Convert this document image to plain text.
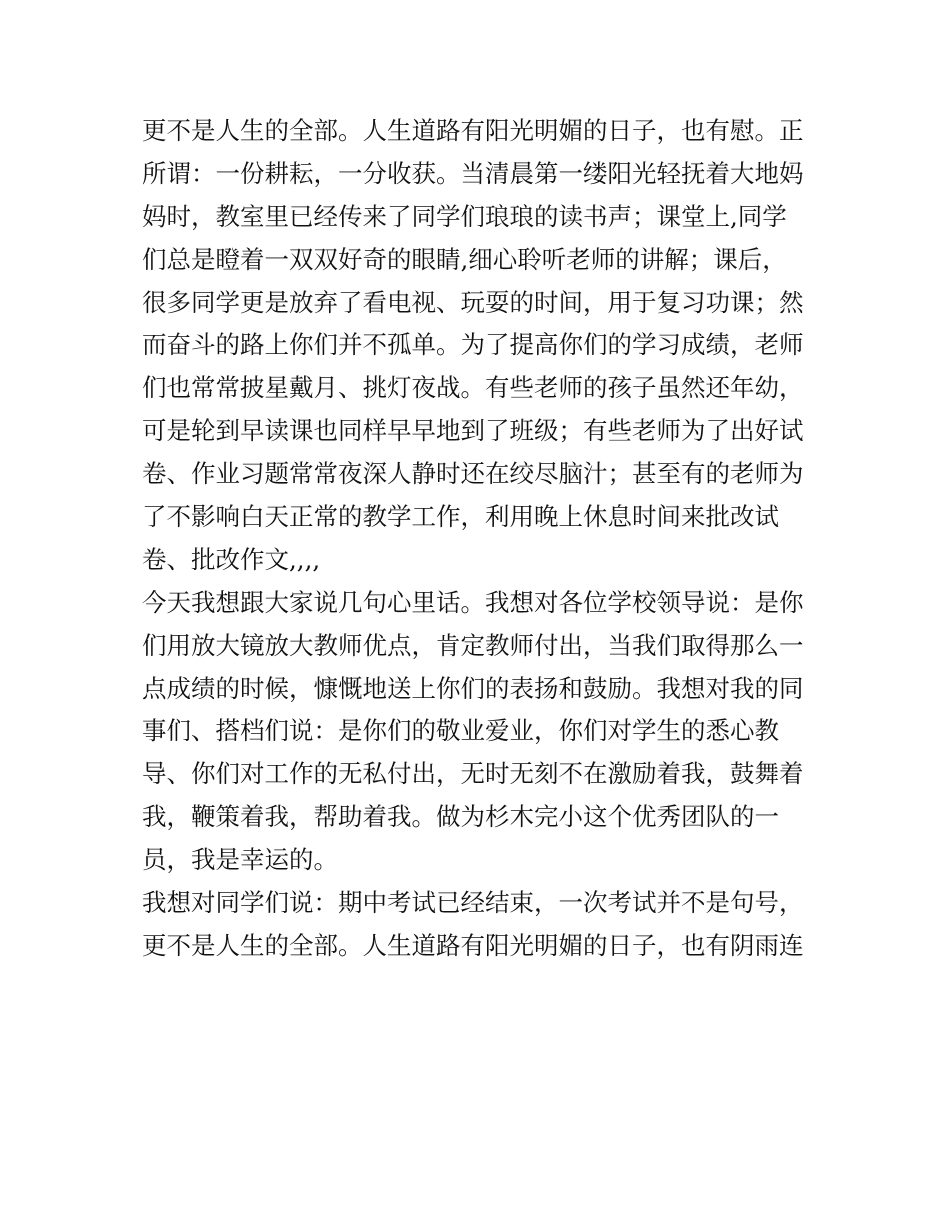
更不是人生的全部。人生道路有阳光明媚的日子，也有慰。正
所谓：一份耕耘，一分收获。当清晨第一缕阳光轻抚着大地妈
妈时，教室里已经传来了同学们琅琅的读书声；课堂上,同学
们总是瞪着一双双好奇的眼睛,细心聆听老师的讲解；课后，
很多同学更是放弃了看电视、玩耍的时间，用于复习功课；然
而奋斗的路上你们并不孤单。为了提高你们的学习成绩，老师
们也常常披星戴月、挑灯夜战。有些老师的孩子虽然还年幼，
可是轮到早读课也同样早早地到了班级；有些老师为了出好试
卷、作业习题常常夜深人静时还在绞尽脑汁；甚至有的老师为
了不影响白天正常的教学工作，利用晚上休息时间来批改试
卷、批改作文,,,,
今天我想跟大家说几句心里话。我想对各位学校领导说：是你
们用放大镜放大教师优点，肯定教师付出，当我们取得那么一
点成绩的时候，慷慨地送上你们的表扬和鼓励。我想对我的同
事们、搭档们说：是你们的敬业爱业，你们对学生的悉心教
导、你们对工作的无私付出，无时无刻不在激励着我，鼓舞着
我，鞭策着我，帮助着我。做为杉木完小这个优秀团队的一
员，我是幸运的。
我想对同学们说：期中考试已经结束，一次考试并不是句号，
更不是人生的全部。人生道路有阳光明媚的日子，也有阴雨连
